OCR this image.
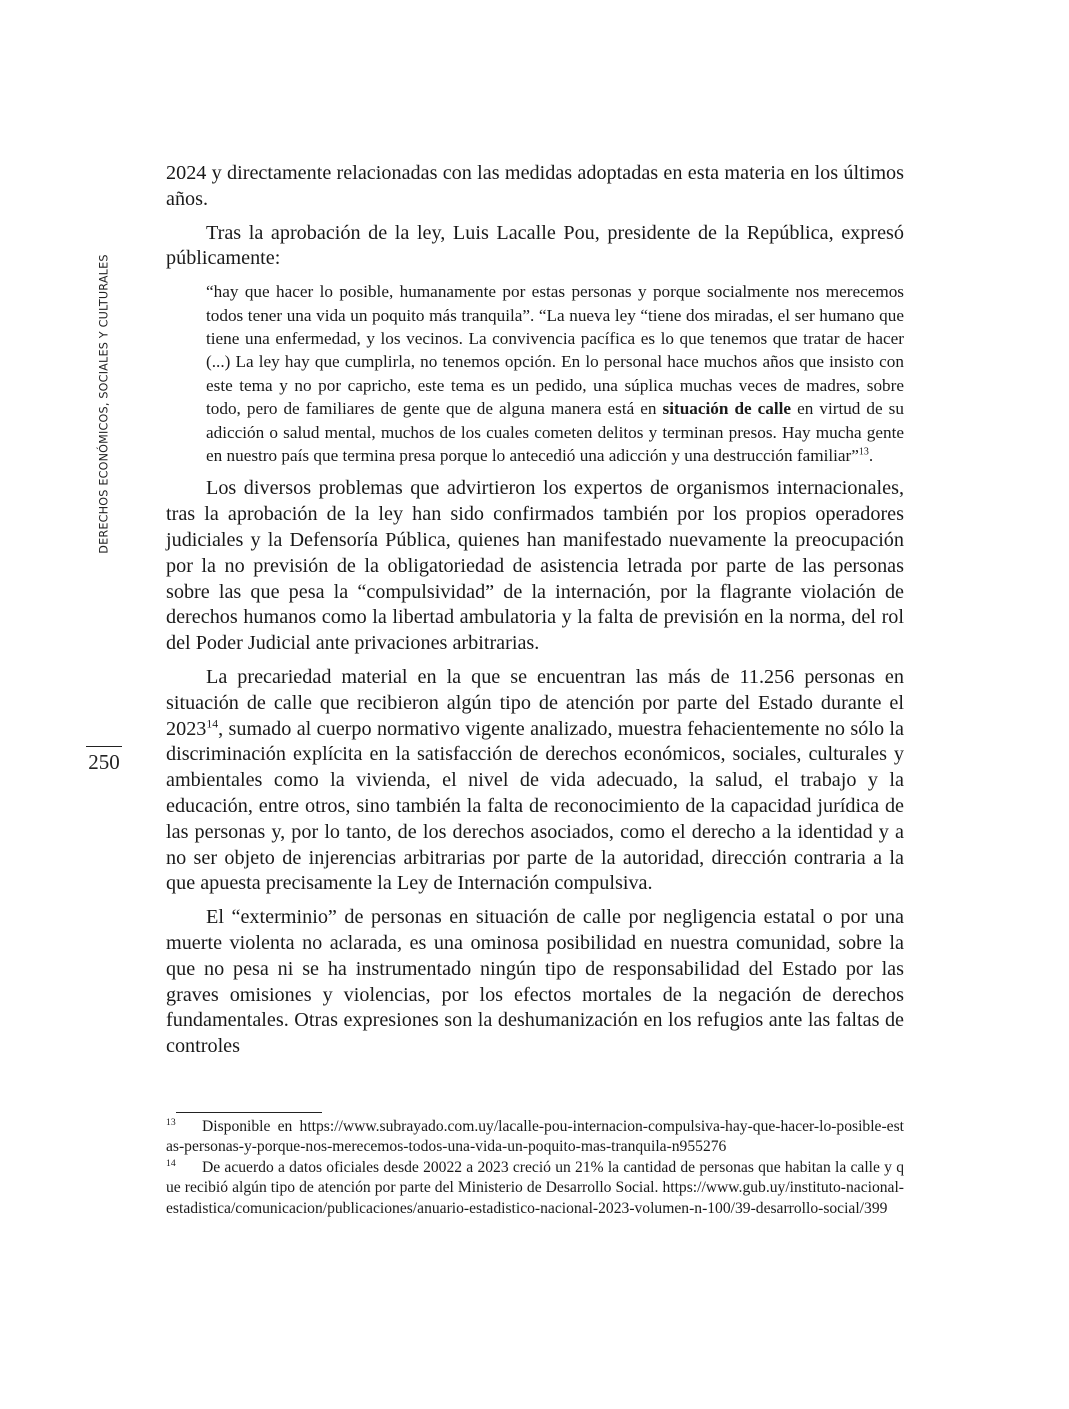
DERECHOS ECONÓMICOS, SOCIALES Y CULTURALES
250

2024 y directamente relacionadas con las medidas adoptadas en esta materia en los últimos años.

Tras la aprobación de la ley, Luis Lacalle Pou, presidente de la República, expresó públicamente:

“hay que hacer lo posible, humanamente por estas personas y porque socialmente nos merecemos todos tener una vida un poquito más tranquila”. “La nueva ley “tiene dos miradas, el ser humano que tiene una enfermedad, y los vecinos. La convivencia pacífica es lo que tenemos que tratar de hacer (...) La ley hay que cumplirla, no tenemos opción. En lo personal hace muchos años que insisto con este tema y no por capricho, este tema es un pedido, una súplica muchas veces de madres, sobre todo, pero de familiares de gente que de alguna manera está en situación de calle en virtud de su adicción o salud mental, muchos de los cuales cometen delitos y terminan presos. Hay mucha gente en nuestro país que termina presa porque lo antecedió una adicción y una destrucción familiar”$^{13}$.

Los diversos problemas que advirtieron los expertos de organismos internacionales, tras la aprobación de la ley han sido confirmados también por los propios operadores judiciales y la Defensoría Pública, quienes han manifestado nuevamente la preocupación por la no previsión de la obligatoriedad de asistencia letrada por parte de las personas sobre las que pesa la “compulsividad” de la internación, por la flagrante violación de derechos humanos como la libertad ambulatoria y la falta de previsión en la norma, del rol del Poder Judicial ante privaciones arbitrarias.

La precariedad material en la que se encuentran las más de 11.256 personas en situación de calle que recibieron algún tipo de atención por parte del Estado durante el 2023$^{14}$, sumado al cuerpo normativo vigente analizado, muestra fehacientemente no sólo la discriminación explícita en la satisfacción de derechos económicos, sociales, culturales y ambientales como la vivienda, el nivel de vida adecuado, la salud, el trabajo y la educación, entre otros, sino también la falta de reconocimiento de la capacidad jurídica de las personas y, por lo tanto, de los derechos asociados, como el derecho a la identidad y a no ser objeto de injerencias arbitrarias por parte de la autoridad, dirección contraria a la que apuesta precisamente la Ley de Internación compulsiva.

El “exterminio” de personas en situación de calle por negligencia estatal o por una muerte violenta no aclarada, es una ominosa posibilidad en nuestra comunidad, sobre la que no pesa ni se ha instrumentado ningún tipo de responsabilidad del Estado por las graves omisiones y violencias, por los efectos mortales de la negación de derechos fundamentales. Otras expresiones son la deshumanización en los refugios ante las faltas de controles

13 Disponible en https://www.subrayado.com.uy/lacalle-pou-internacion-compulsiva-hay-que-hacer-lo-posible-estas-personas-y-porque-nos-merecemos-todos-una-vida-un-poquito-mas-tranquila-n955276

14 De acuerdo a datos oficiales desde 20022 a 2023 creció un 21% la cantidad de personas que habitan la calle y que recibió algún tipo de atención por parte del Ministerio de Desarrollo Social. https://www.gub.uy/instituto-nacional-estadistica/comunicacion/publicaciones/anuario-estadistico-nacional-2023-volumen-n-100/39-desarrollo-social/399
